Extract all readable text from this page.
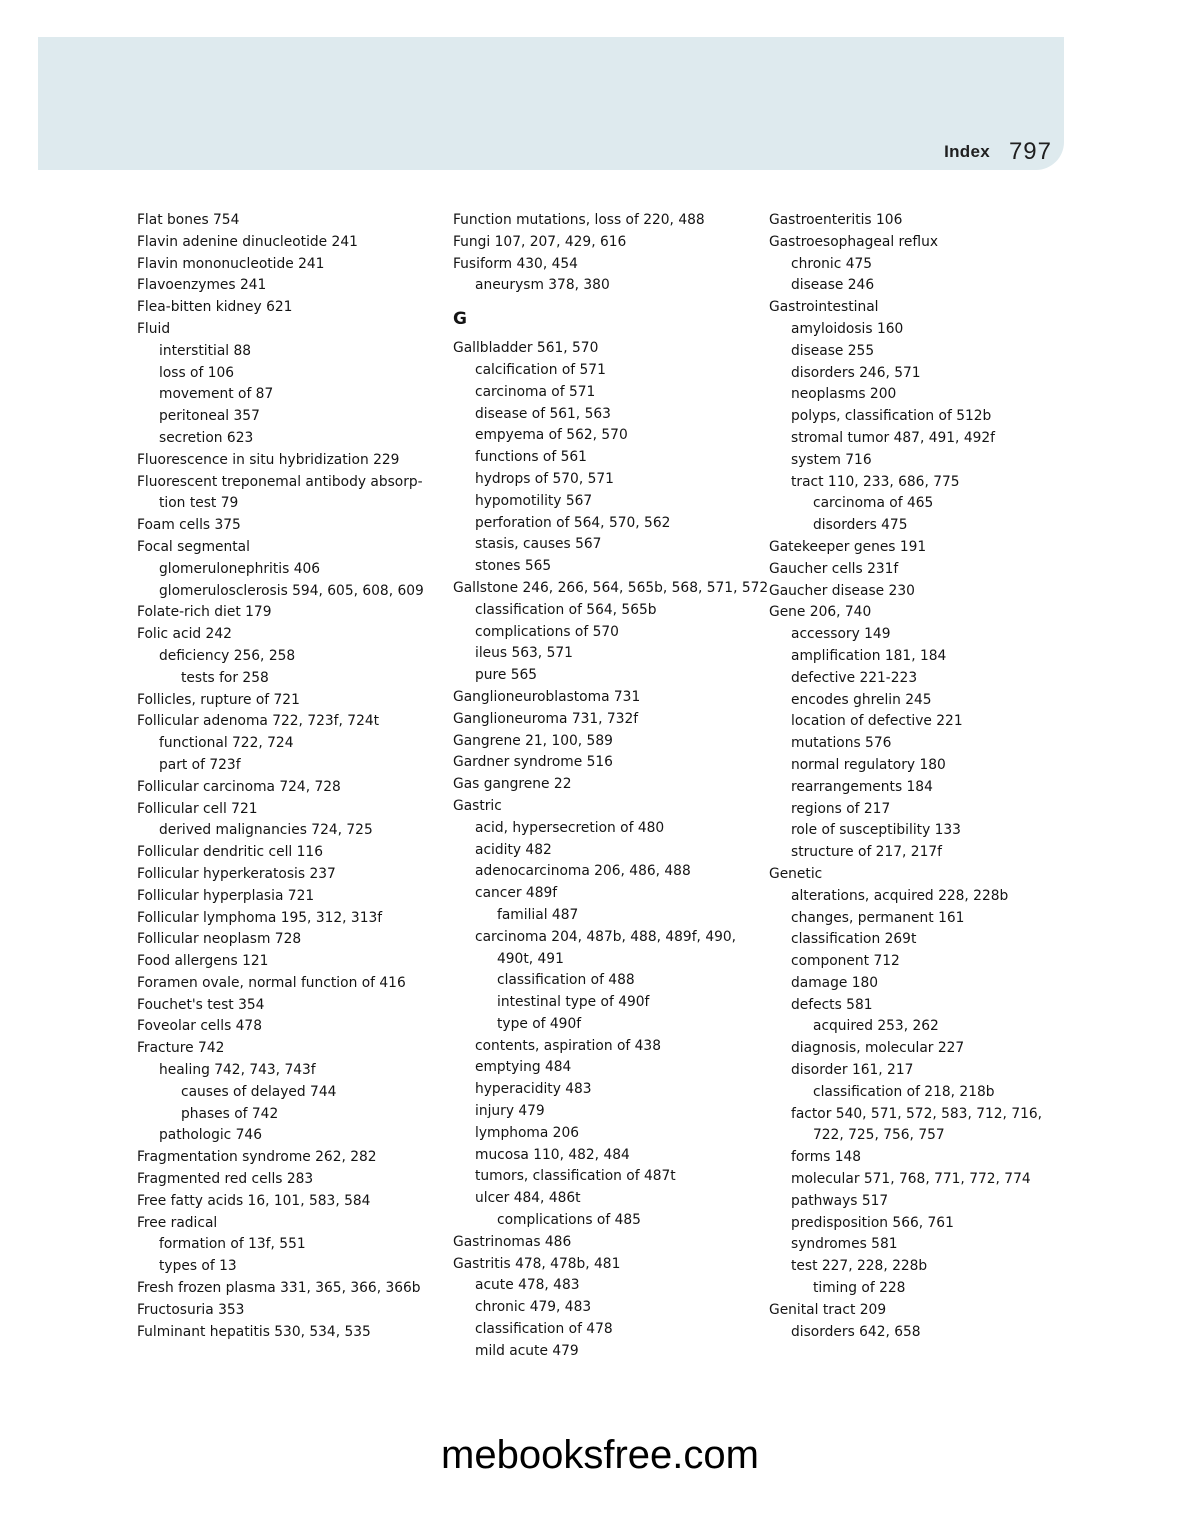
Index 797
Flat bones 754
Flavin adenine dinucleotide 241
Flavin mononucleotide 241
Flavoenzymes 241
Flea-bitten kidney 621
Fluid
interstitial 88
loss of 106
movement of 87
peritoneal 357
secretion 623
Fluorescence in situ hybridization 229
Fluorescent treponemal antibody absorp-tion test 79
Foam cells 375
Focal segmental
glomerulonephritis 406
glomerulosclerosis 594, 605, 608, 609
Folate-rich diet 179
Folic acid 242
deficiency 256, 258
tests for 258
Follicles, rupture of 721
Follicular adenoma 722, 723f, 724t
functional 722, 724
part of 723f
Follicular carcinoma 724, 728
Follicular cell 721
derived malignancies 724, 725
Follicular dendritic cell 116
Follicular hyperkeratosis 237
Follicular hyperplasia 721
Follicular lymphoma 195, 312, 313f
Follicular neoplasm 728
Food allergens 121
Foramen ovale, normal function of 416
Fouchet's test 354
Foveolar cells 478
Fracture 742
healing 742, 743, 743f
causes of delayed 744
phases of 742
pathologic 746
Fragmentation syndrome 262, 282
Fragmented red cells 283
Free fatty acids 16, 101, 583, 584
Free radical
formation of 13f, 551
types of 13
Fresh frozen plasma 331, 365, 366, 366b
Fructosuria 353
Fulminant hepatitis 530, 534, 535
Function mutations, loss of 220, 488
Fungi 107, 207, 429, 616
Fusiform 430, 454
aneurysm 378, 380
G
Gallbladder 561, 570
calcification of 571
carcinoma of 571
disease of 561, 563
empyema of 562, 570
functions of 561
hydrops of 570, 571
hypomotility 567
perforation of 564, 570, 562
stasis, causes 567
stones 565
Gallstone 246, 266, 564, 565b, 568, 571, 572
classification of 564, 565b
complications of 570
ileus 563, 571
pure 565
Ganglioneuroblastoma 731
Ganglioneuroma 731, 732f
Gangrene 21, 100, 589
Gardner syndrome 516
Gas gangrene 22
Gastric
acid, hypersecretion of 480
acidity 482
adenocarcinoma 206, 486, 488
cancer 489f
familial 487
carcinoma 204, 487b, 488, 489f, 490, 490t, 491
classification of 488
intestinal type of 490f
type of 490f
contents, aspiration of 438
emptying 484
hyperacidity 483
injury 479
lymphoma 206
mucosa 110, 482, 484
tumors, classification of 487t
ulcer 484, 486t
complications of 485
Gastrinomas 486
Gastritis 478, 478b, 481
acute 478, 483
chronic 479, 483
classification of 478
mild acute 479
Gastroenteritis 106
Gastroesophageal reflux
chronic 475
disease 246
Gastrointestinal
amyloidosis 160
disease 255
disorders 246, 571
neoplasms 200
polyps, classification of 512b
stromal tumor 487, 491, 492f
system 716
tract 110, 233, 686, 775
carcinoma of 465
disorders 475
Gatekeeper genes 191
Gaucher cells 231f
Gaucher disease 230
Gene 206, 740
accessory 149
amplification 181, 184
defective 221-223
encodes ghrelin 245
location of defective 221
mutations 576
normal regulatory 180
rearrangements 184
regions of 217
role of susceptibility 133
structure of 217, 217f
Genetic
alterations, acquired 228, 228b
changes, permanent 161
classification 269t
component 712
damage 180
defects 581
acquired 253, 262
diagnosis, molecular 227
disorder 161, 217
classification of 218, 218b
factor 540, 571, 572, 583, 712, 716, 722, 725, 756, 757
forms 148
molecular 571, 768, 771, 772, 774
pathways 517
predisposition 566, 761
syndromes 581
test 227, 228, 228b
timing of 228
Genital tract 209
disorders 642, 658
mebooksfree.com
